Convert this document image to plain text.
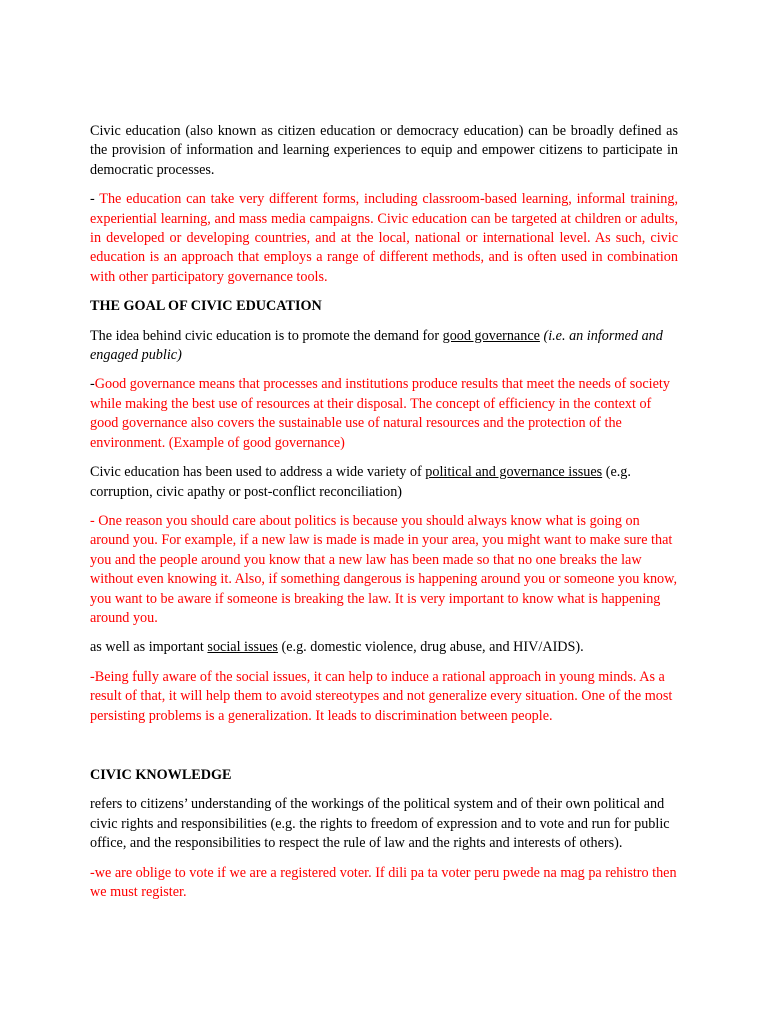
Civic education (also known as citizen education or democracy education) can be broadly defined as the provision of information and learning experiences to equip and empower citizens to participate in democratic processes.

- The education can take very different forms, including classroom-based learning, informal training, experiential learning, and mass media campaigns. Civic education can be targeted at children or adults, in developed or developing countries, and at the local, national or international level. As such, civic education is an approach that employs a range of different methods, and is often used in combination with other participatory governance tools.

THE GOAL OF CIVIC EDUCATION

The idea behind civic education is to promote the demand for good governance (i.e. an informed and engaged public)

-Good governance means that processes and institutions produce results that meet the needs of society while making the best use of resources at their disposal. The concept of efficiency in the context of good governance also covers the sustainable use of natural resources and the protection of the environment. (Example of good governance)

Civic education has been used to address a wide variety of political and governance issues (e.g. corruption, civic apathy or post-conflict reconciliation)

- One reason you should care about politics is because you should always know what is going on around you. For example, if a new law is made is made in your area, you might want to make sure that you and the people around you know that a new law has been made so that no one breaks the law without even knowing it. Also, if something dangerous is happening around you or someone you know, you want to be aware if someone is breaking the law. It is very important to know what is happening around you.

as well as important social issues (e.g. domestic violence, drug abuse, and HIV/AIDS).

-Being fully aware of the social issues, it can help to induce a rational approach in young minds. As a result of that, it will help them to avoid stereotypes and not generalize every situation. One of the most persisting problems is a generalization. It leads to discrimination between people.

CIVIC KNOWLEDGE

refers to citizens’ understanding of the workings of the political system and of their own political and civic rights and responsibilities (e.g. the rights to freedom of expression and to vote and run for public office, and the responsibilities to respect the rule of law and the rights and interests of others).

-we are oblige to vote if we are a registered voter. If dili pa ta voter peru pwede na mag pa rehistro then we must register.
